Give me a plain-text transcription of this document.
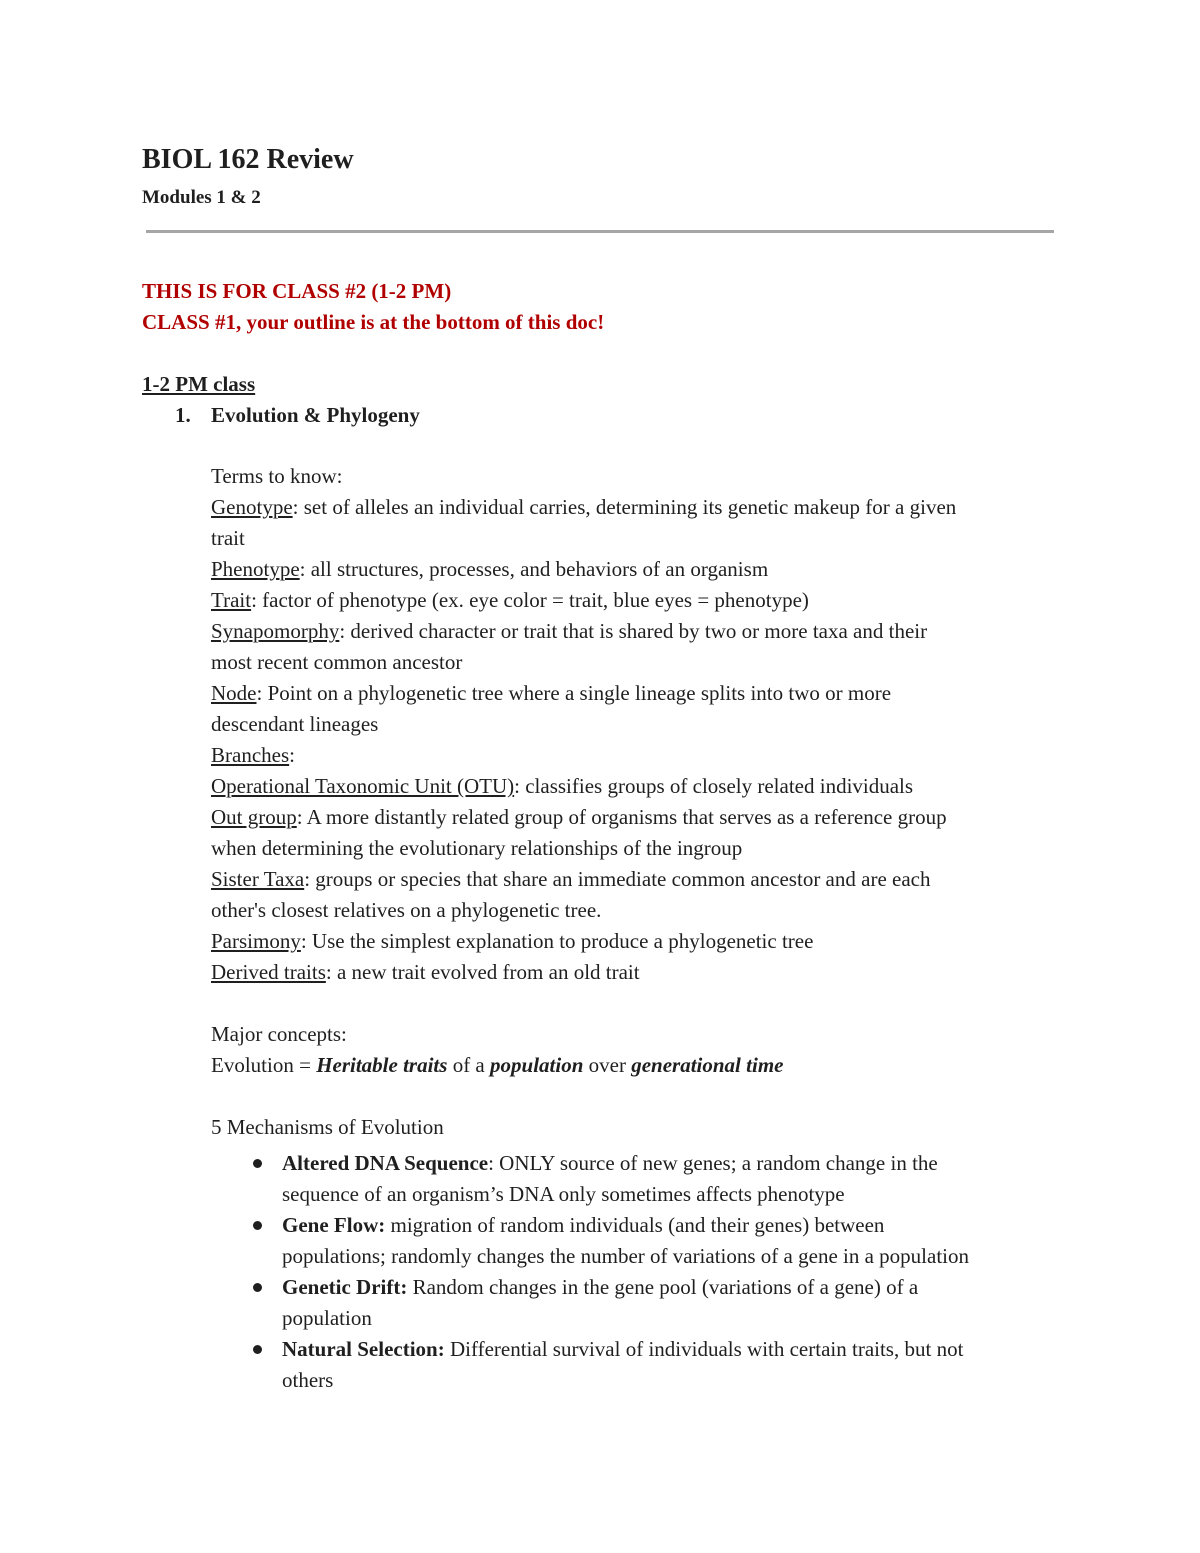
BIOL 162 Review
Modules 1 & 2
THIS IS FOR CLASS #2 (1-2 PM)
CLASS #1, your outline is at the bottom of this doc!
1-2 PM class
1. Evolution & Phylogeny
Terms to know:
Genotype: set of alleles an individual carries, determining its genetic makeup for a given
trait
Phenotype: all structures, processes, and behaviors of an organism
Trait: factor of phenotype (ex. eye color = trait, blue eyes = phenotype)
Synapomorphy: derived character or trait that is shared by two or more taxa and their
most recent common ancestor
Node: Point on a phylogenetic tree where a single lineage splits into two or more
descendant lineages
Branches:
Operational Taxonomic Unit (OTU): classifies groups of closely related individuals
Out group: A more distantly related group of organisms that serves as a reference group
when determining the evolutionary relationships of the ingroup
Sister Taxa: groups or species that share an immediate common ancestor and are each
other's closest relatives on a phylogenetic tree.
Parsimony: Use the simplest explanation to produce a phylogenetic tree
Derived traits: a new trait evolved from an old trait
Major concepts:
Evolution = Heritable traits of a population over generational time
5 Mechanisms of Evolution
Altered DNA Sequence: ONLY source of new genes; a random change in the
sequence of an organism’s DNA only sometimes affects phenotype
Gene Flow: migration of random individuals (and their genes) between
populations; randomly changes the number of variations of a gene in a population
Genetic Drift: Random changes in the gene pool (variations of a gene) of a
population
Natural Selection: Differential survival of individuals with certain traits, but not
others
